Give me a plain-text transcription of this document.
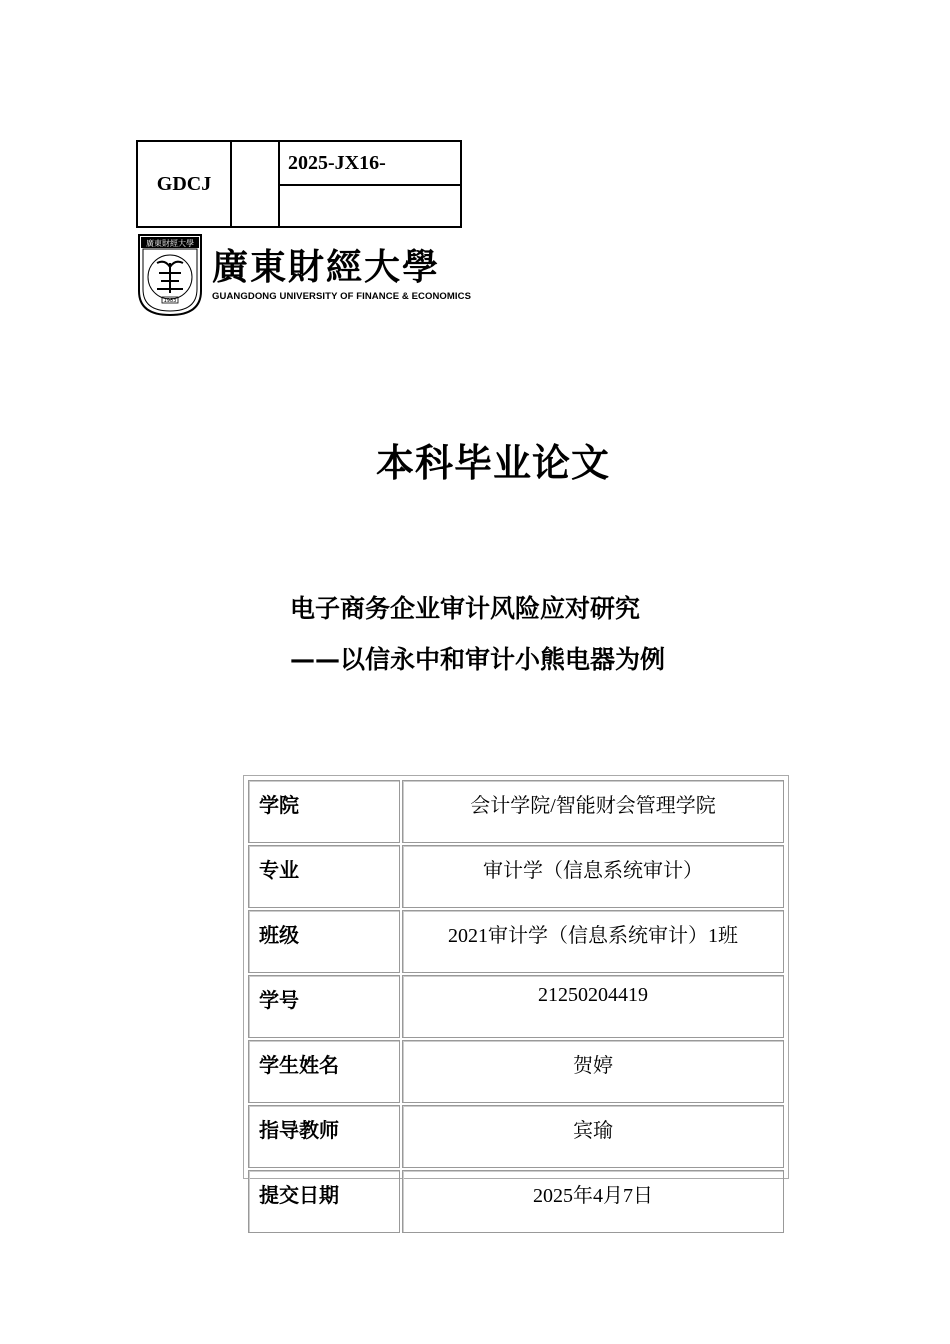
GDCJ
2025-JX16-
廣東財經大學
1983
廣東財經大學
GUANGDONG UNIVERSITY OF FINANCE & ECONOMICS
本科毕业论文
电子商务企业审计风险应对研究
——以信永中和审计小熊电器为例
学院	会计学院/智能财会管理学院
专业	审计学（信息系统审计）
班级	2021审计学（信息系统审计）1班
学号	21250204419
学生姓名	贺婷
指导教师	宾瑜
提交日期	2025年4月7日
